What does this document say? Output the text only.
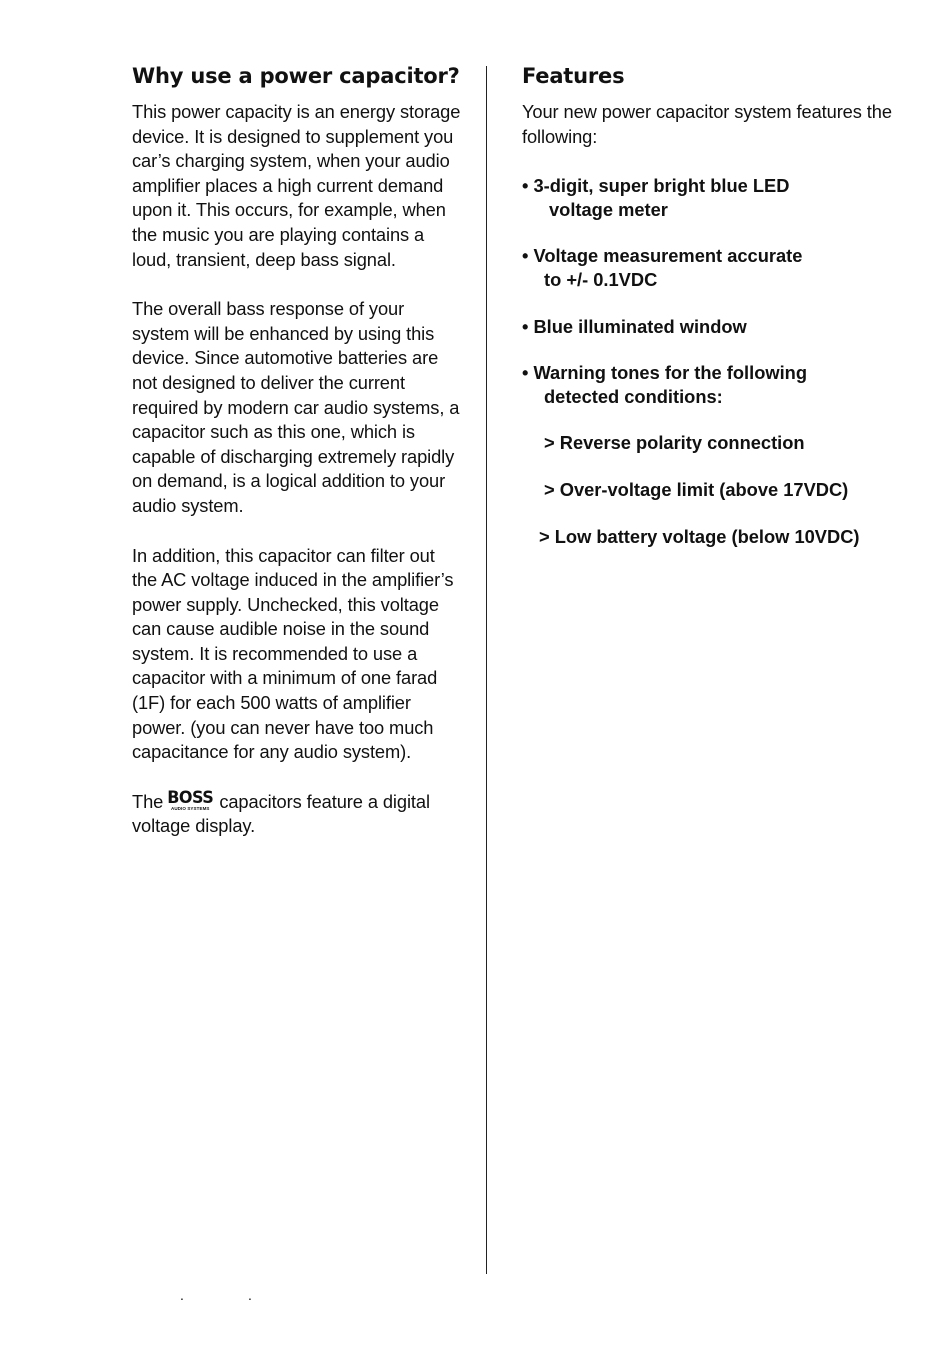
Why use a power capacitor?

This power capacity is an energy storage device. It is designed to supplement you car’s charging system, when your audio amplifier places a high current demand upon it. This occurs, for example, when the music you are playing contains a loud, transient, deep bass signal.

The overall bass response of your system will be enhanced by using this device. Since automotive batteries are not designed to deliver the current required by modern car audio systems, a capacitor such as this one, which is capable of discharging extremely rapidly on demand, is a logical addition to your audio system.

In addition, this capacitor can filter out the AC voltage induced in the amplifier’s power supply. Unchecked, this voltage can cause audible noise in the sound system. It is recommended to use a capacitor with a minimum of one farad (1F) for each 500 watts of amplifier power. (you can never have too much capacitance for any audio system).

The BOSS
AUDIO SYSTEMS capacitors feature a digital voltage display.

Features

Your new power capacitor system features the following:

• 3-digit, super bright blue LED
voltage meter
• Voltage measurement accurate
to +/- 0.1VDC
• Blue illuminated window
• Warning tones for the following
detected conditions:
> Reverse polarity connection
> Over-voltage limit (above 17VDC)
> Low battery voltage (below 10VDC)
.	.
